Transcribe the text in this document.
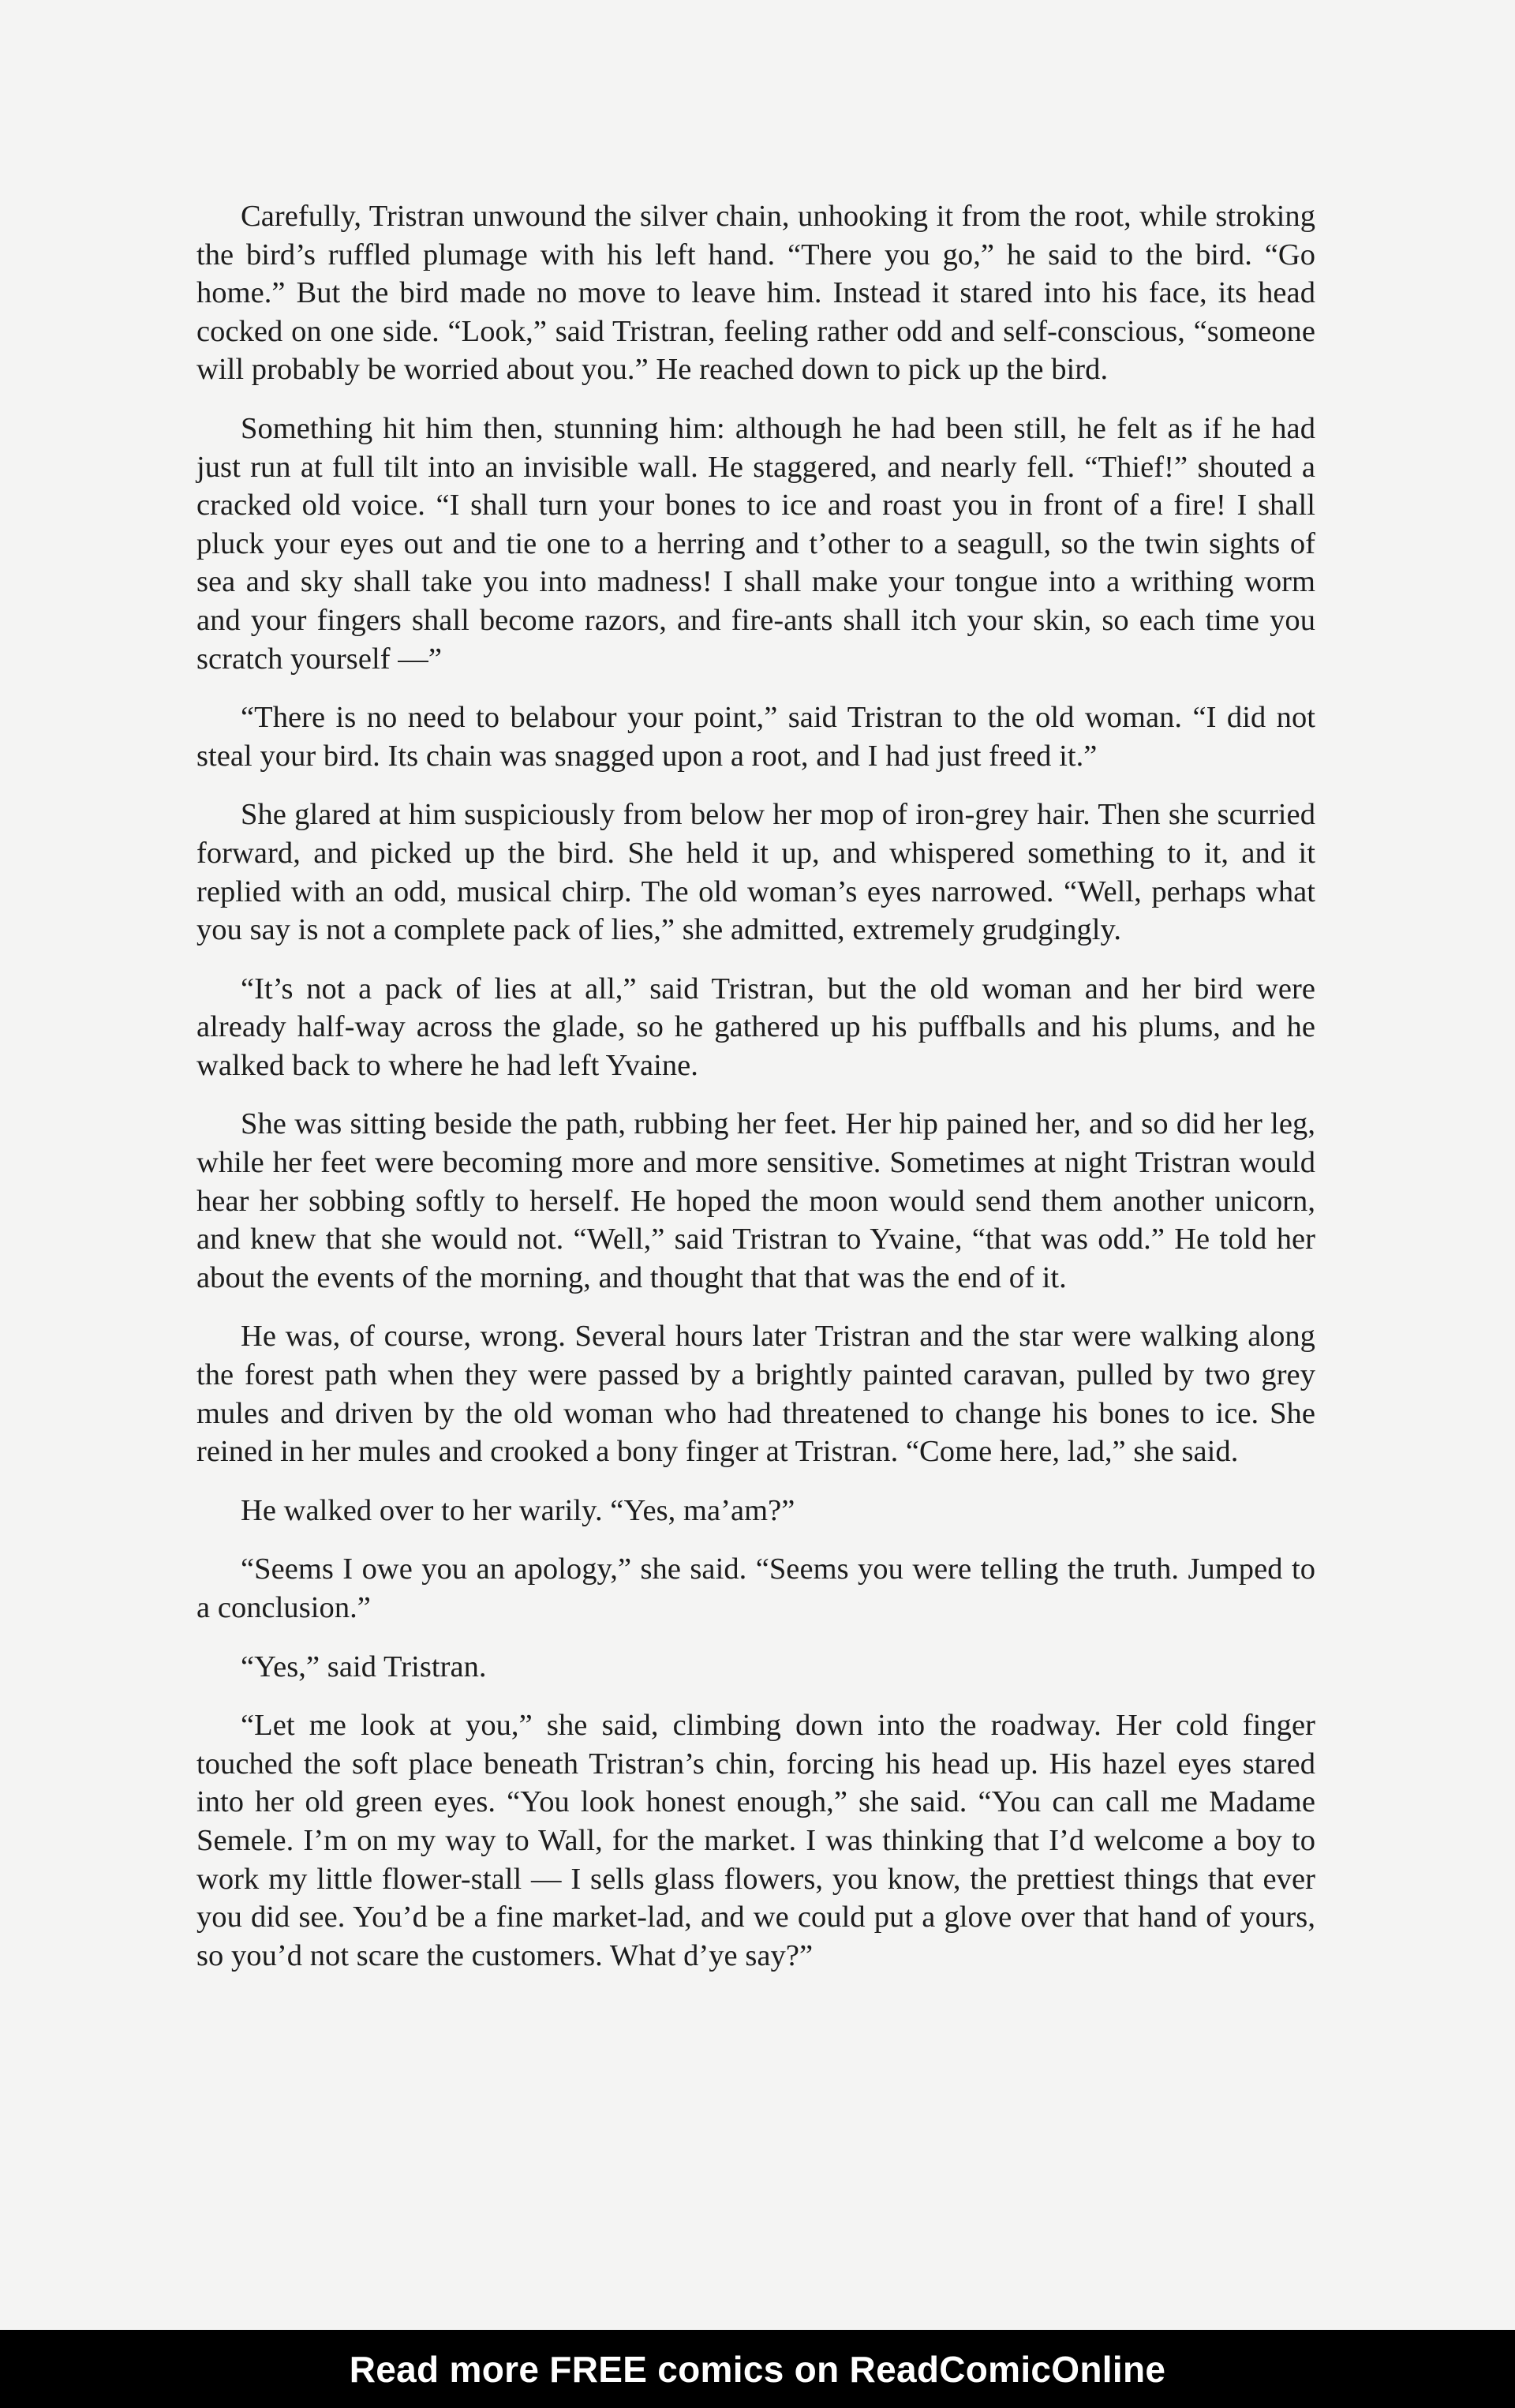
Carefully, Tristran unwound the silver chain, unhooking it from the root, while stroking the bird’s ruffled plumage with his left hand. “There you go,” he said to the bird. “Go home.” But the bird made no move to leave him. Instead it stared into his face, its head cocked on one side. “Look,” said Tristran, feeling rather odd and self-conscious, “someone will probably be worried about you.” He reached down to pick up the bird.

Something hit him then, stunning him: although he had been still, he felt as if he had just run at full tilt into an invisible wall. He staggered, and nearly fell. “Thief!” shouted a cracked old voice. “I shall turn your bones to ice and roast you in front of a fire! I shall pluck your eyes out and tie one to a herring and t’other to a seagull, so the twin sights of sea and sky shall take you into madness! I shall make your tongue into a writhing worm and your fingers shall become razors, and fire-ants shall itch your skin, so each time you scratch yourself —”

“There is no need to belabour your point,” said Tristran to the old woman. “I did not steal your bird. Its chain was snagged upon a root, and I had just freed it.”

She glared at him suspiciously from below her mop of iron-grey hair. Then she scurried forward, and picked up the bird. She held it up, and whispered something to it, and it replied with an odd, musical chirp. The old woman’s eyes narrowed. “Well, perhaps what you say is not a complete pack of lies,” she admitted, extremely grudgingly.

“It’s not a pack of lies at all,” said Tristran, but the old woman and her bird were already half-way across the glade, so he gathered up his puffballs and his plums, and he walked back to where he had left Yvaine.

She was sitting beside the path, rubbing her feet. Her hip pained her, and so did her leg, while her feet were becoming more and more sensitive. Sometimes at night Tristran would hear her sobbing softly to herself. He hoped the moon would send them another unicorn, and knew that she would not. “Well,” said Tristran to Yvaine, “that was odd.” He told her about the events of the morning, and thought that that was the end of it.

He was, of course, wrong. Several hours later Tristran and the star were walking along the forest path when they were passed by a brightly painted caravan, pulled by two grey mules and driven by the old woman who had threatened to change his bones to ice. She reined in her mules and crooked a bony finger at Tristran. “Come here, lad,” she said.

He walked over to her warily. “Yes, ma’am?”

“Seems I owe you an apology,” she said. “Seems you were telling the truth. Jumped to a conclusion.”

“Yes,” said Tristran.

“Let me look at you,” she said, climbing down into the roadway. Her cold finger touched the soft place beneath Tristran’s chin, forcing his head up. His hazel eyes stared into her old green eyes. “You look honest enough,” she said. “You can call me Madame Semele. I’m on my way to Wall, for the market. I was thinking that I’d welcome a boy to work my little flower-stall — I sells glass flowers, you know, the prettiest things that ever you did see. You’d be a fine market-lad, and we could put a glove over that hand of yours, so you’d not scare the customers. What d’ye say?”

Read more FREE comics on ReadComicOnline
